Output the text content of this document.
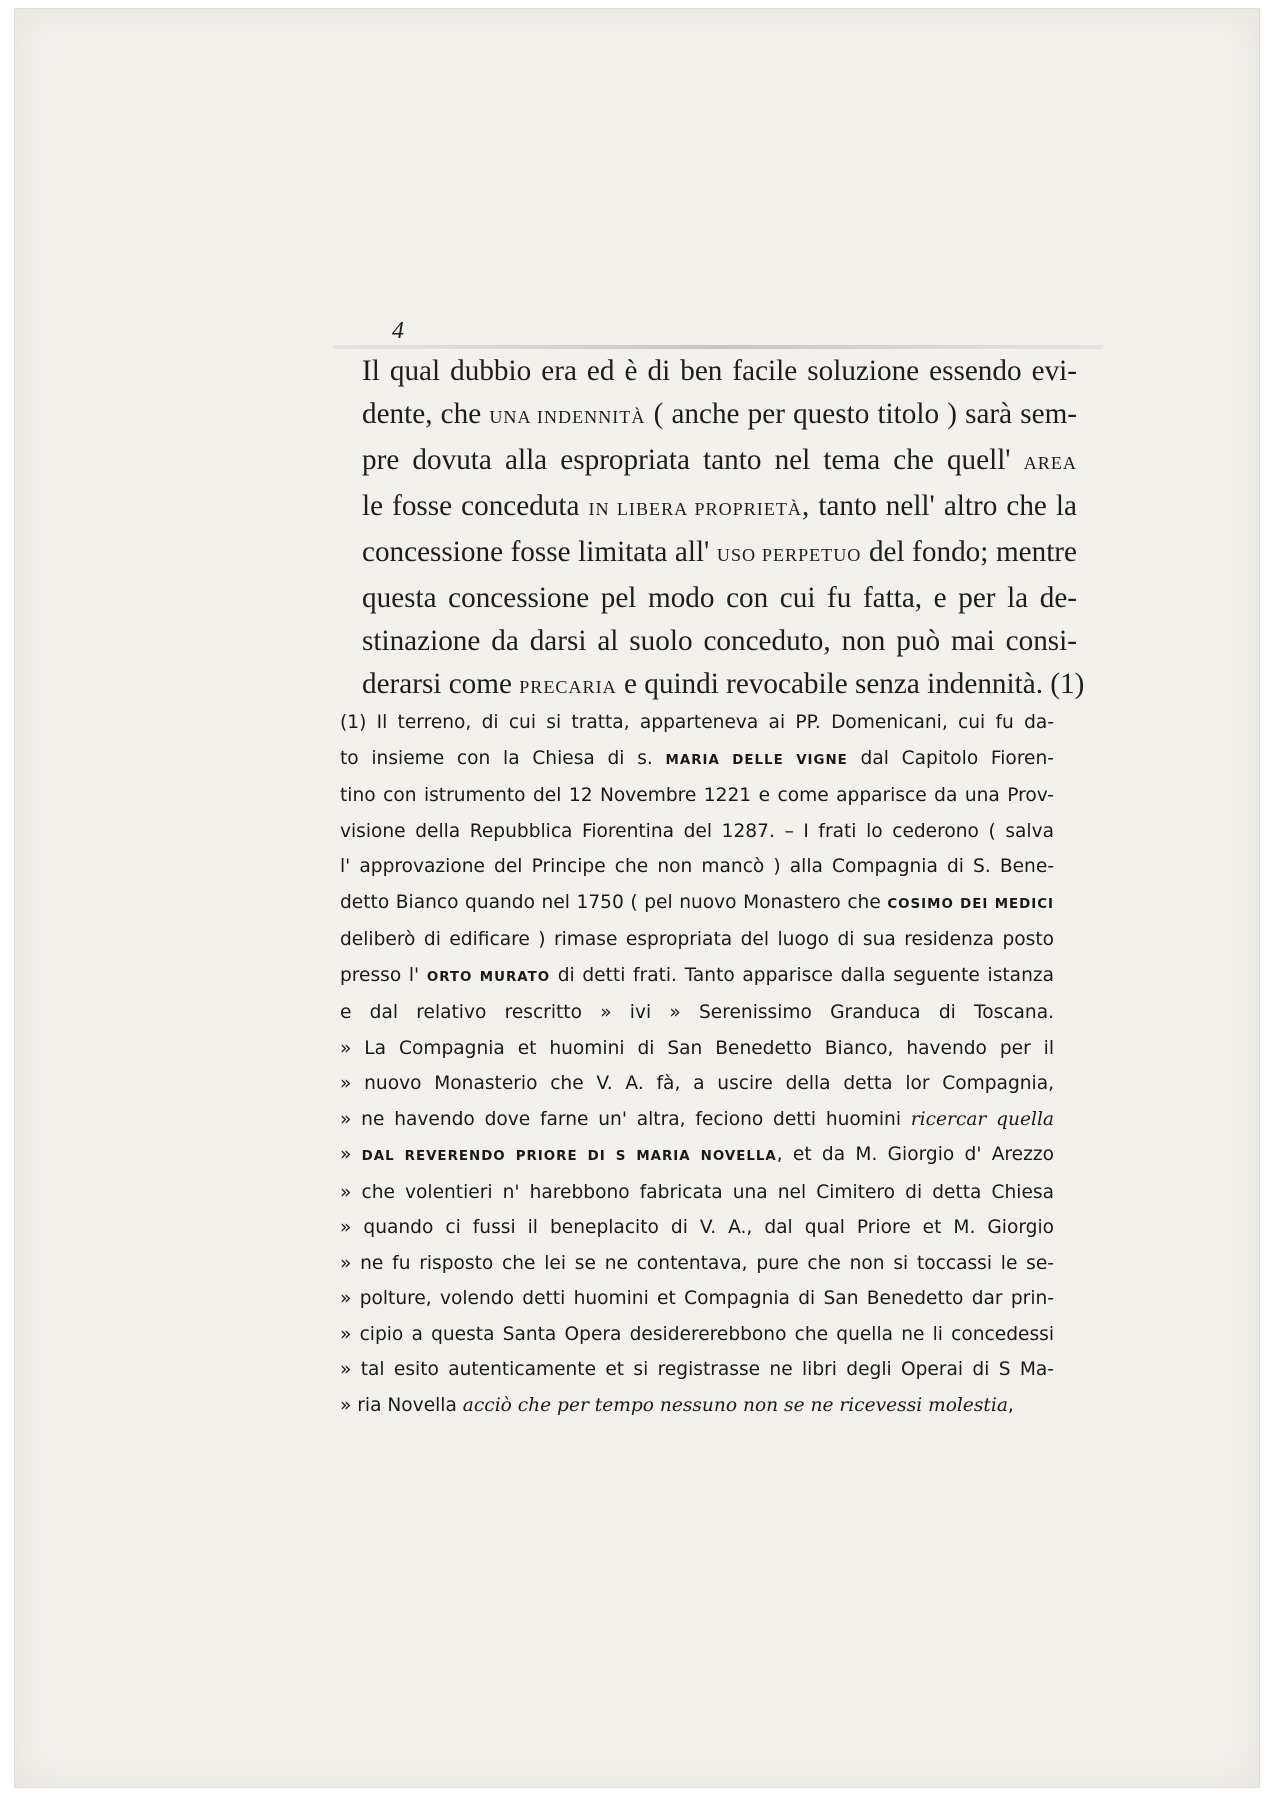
4
Il qual dubbio era ed è di ben facile soluzione essendo evi-
dente, che UNA INDENNITÀ ( anche per questo titolo ) sarà sem-
pre dovuta alla espropriata tanto nel tema che quell' AREA
le fosse conceduta IN LIBERA PROPRIETÀ, tanto nell' altro che la
concessione fosse limitata all' USO PERPETUO del fondo; mentre
questa concessione pel modo con cui fu fatta, e per la de-
stinazione da darsi al suolo conceduto, non può mai consi-
derarsi come PRECARIA e quindi revocabile senza indennità. (1)
(1) Il terreno, di cui si tratta, apparteneva ai PP. Domenicani, cui fu da-
to insieme con la Chiesa di s. MARIA DELLE VIGNE dal Capitolo Fioren-
tino con istrumento del 12 Novembre 1221 e come apparisce da una Prov-
visione della Repubblica Fiorentina del 1287. – I frati lo cederono ( salva
l' approvazione del Principe che non mancò ) alla Compagnia di S. Bene-
detto Bianco quando nel 1750 ( pel nuovo Monastero che COSIMO DEI MEDICI
deliberò di edificare ) rimase espropriata del luogo di sua residenza posto
presso l' ORTO MURATO di detti frati. Tanto apparisce dalla seguente istanza
e dal relativo rescritto » ivi » Serenissimo Granduca di Toscana.
» La Compagnia et huomini di San Benedetto Bianco, havendo per il
» nuovo Monasterio che V. A. fà, a uscire della detta lor Compagnia,
» ne havendo dove farne un' altra, feciono detti huomini ricercar quella
» DAL REVERENDO PRIORE DI S MARIA NOVELLA, et da M. Giorgio d' Arezzo
» che volentieri n' harebbono fabricata una nel Cimitero di detta Chiesa
» quando ci fussi il beneplacito di V. A., dal qual Priore et M. Giorgio
» ne fu risposto che lei se ne contentava, pure che non si toccassi le se-
» polture, volendo detti huomini et Compagnia di San Benedetto dar prin-
» cipio a questa Santa Opera desidererebbono che quella ne li concedessi
» tal esito autenticamente et si registrasse ne libri degli Operai di S Ma-
» ria Novella acciò che per tempo nessuno non se ne ricevessi molestia,
